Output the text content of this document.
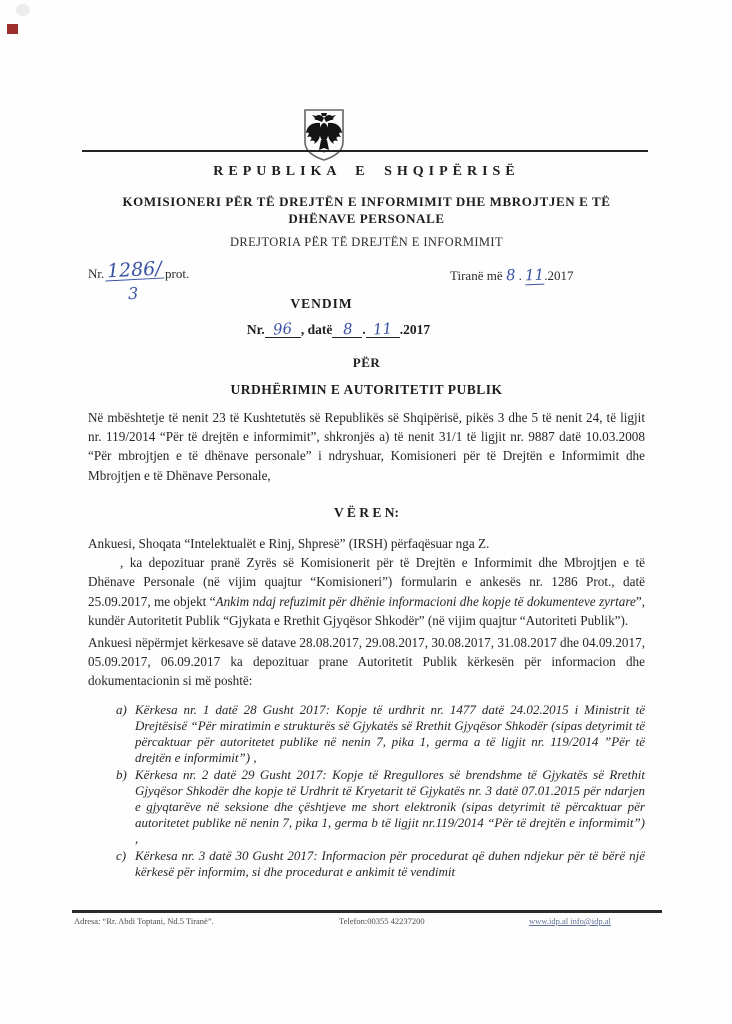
REPUBLIKA E SHQIPËRISË
KOMISIONERI PËR TË DREJTËN E INFORMIMIT DHE MBROJTJEN E TË
DHËNAVE PERSONALE
DREJTORIA PËR TË DREJTËN E INFORMIMIT
Nr. 1286/ prot.
3
Tiranë më 8 . 11.2017
VENDIM
Nr. 96 , datë 8 . 11 .2017
PËR
URDHËRIMIN E AUTORITETIT PUBLIK

Në mbështetje të nenit 23 të Kushtetutës së Republikës së Shqipërisë, pikës 3 dhe 5 të nenit 24, të ligjit nr. 119/2014 “Për të drejtën e informimit”, shkronjës a) të nenit 31/1 të ligjit nr. 9887 datë 10.03.2008 “Për mbrojtjen e të dhënave personale” i ndryshuar, Komisioneri për të Drejtën e Informimit dhe Mbrojtjen e të Dhënave Personale,

V Ë R E N:
Ankuesi, Shoqata “Intelektualët e Rinj, Shpresë” (IRSH) përfaqësuar nga Z.
, ka depozituar pranë Zyrës së Komisionerit për të Drejtën e Informimit dhe Mbrojtjen e të Dhënave Personale (në vijim quajtur “Komisioneri”) formularin e ankesës nr. 1286 Prot., datë 25.09.2017, me objekt “Ankim ndaj refuzimit për dhënie informacioni dhe kopje të dokumenteve zyrtare”, kundër Autoritetit Publik “Gjykata e Rrethit Gjyqësor Shkodër” (në vijim quajtur “Autoriteti Publik”).

Ankuesi nëpërmjet kërkesave së datave 28.08.2017, 29.08.2017, 30.08.2017, 31.08.2017 dhe 04.09.2017, 05.09.2017, 06.09.2017 ka depozituar prane Autoritetit Publik kërkesën për informacion dhe dokumentacionin si më poshtë:

a) Kërkesa nr. 1 datë 28 Gusht 2017: Kopje të urdhrit nr. 1477 datë 24.02.2015 i Ministrit të Drejtësisë “Për miratimin e strukturës së Gjykatës së Rrethit Gjyqësor Shkodër (sipas detyrimit të përcaktuar për autoritetet publike në nenin 7, pika 1, germa a të ligjit nr. 119/2014 ”Për të drejtën e informimit”) ,
b) Kërkesa nr. 2 datë 29 Gusht 2017: Kopje të Rregullores së brendshme të Gjykatës së Rrethit Gjyqësor Shkodër dhe kopje të Urdhrit të Kryetarit të Gjykatës nr. 3 datë 07.01.2015 për ndarjen e gjyqtarëve në seksione dhe çështjeve me short elektronik (sipas detyrimit të përcaktuar për autoritetet publike në nenin 7, pika 1, germa b të ligjit nr.119/2014 “Për të drejtën e informimit”) ,
c) Kërkesa nr. 3 datë 30 Gusht 2017: Informacion për procedurat që duhen ndjekur për të bërë një kërkesë për informim, si dhe procedurat e ankimit të vendimit
Adresa: “Rr. Abdi Toptani, Nd.5 Tiranë”.	Telefon:00355 42237200	www.idp.al info@idp.al
